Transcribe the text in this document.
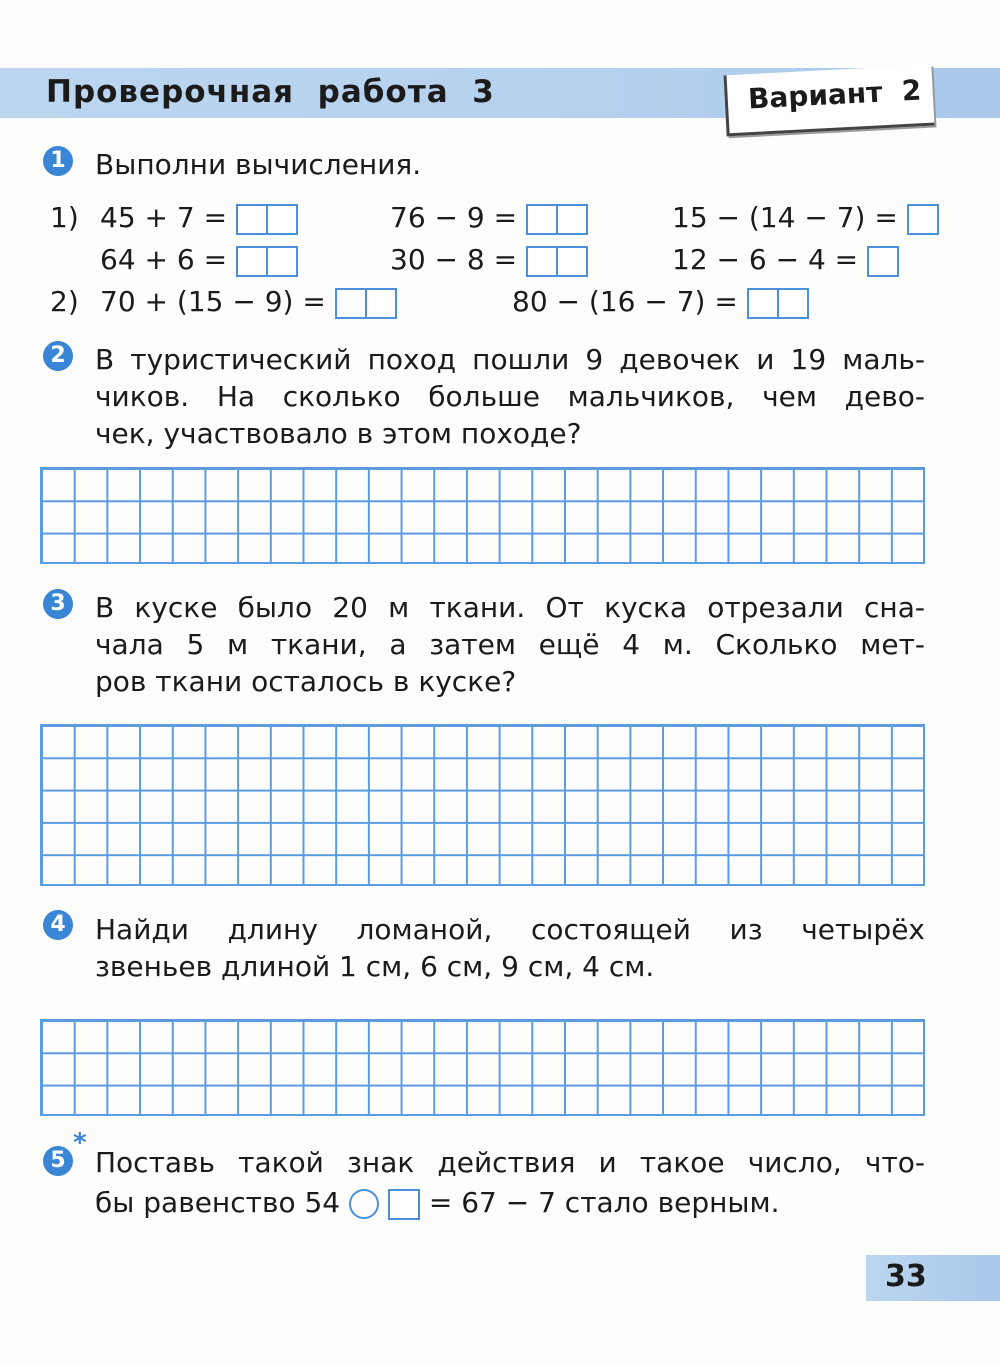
Проверочная  работа  3	Вариант  2
1 Выполни вычисления.
1) 45 + 7 =	76 − 9 =	15 − (14 − 7) =
64 + 6 =	30 − 8 =	12 − 6 − 4 =
2) 70 + (15 − 9) =	80 − (16 − 7) =
2 В туристический поход пошли 9 девочек и 19 маль-
чиков. На сколько больше мальчиков, чем дево-
чек, участвовало в этом походе?
3 В куске было 20 м ткани. От куска отрезали сна-
чала 5 м ткани, а затем ещё 4 м. Сколько мет-
ров ткани осталось в куске?
4 Найди длину ломаной, состоящей из четырёх
звеньев длиной 1 см, 6 см, 9 см, 4 см.
5
*
Поставь такой знак действия и такое число, что-
бы равенство 54	= 67 − 7 стало верным.
33
